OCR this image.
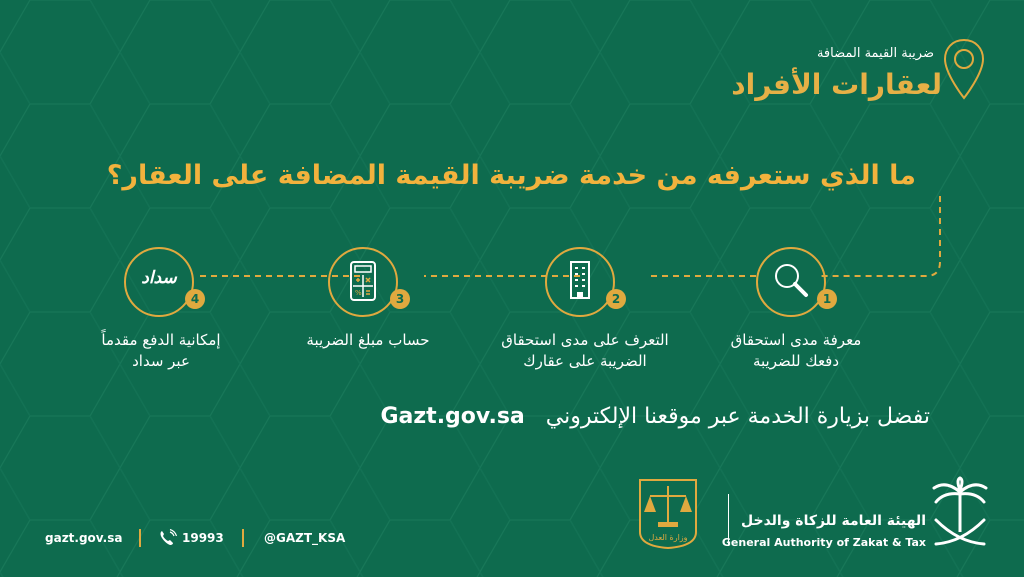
ضريبة القيمة المضافة
لعقارات الأفراد
ما الذي ستعرفه من خدمة ضريبة القيمة المضافة على العقار؟
1
معرفة مدى استحقاق
دفعك للضريبة
2
التعرف على مدى استحقاق
الضريبة على عقارك
%	3
حساب مبلغ الضريبة
سداد
4
إمكانية الدفع مقدماً
عبر سداد
تفضل بزيارة الخدمة عبر موقعنا الإلكتروني   Gazt.gov.sa
gazt.gov.sa	19993	@GAZT_KSA	وزارة العدل
الهيئة العامة للزكاة والدخل
General Authority of Zakat & Tax
